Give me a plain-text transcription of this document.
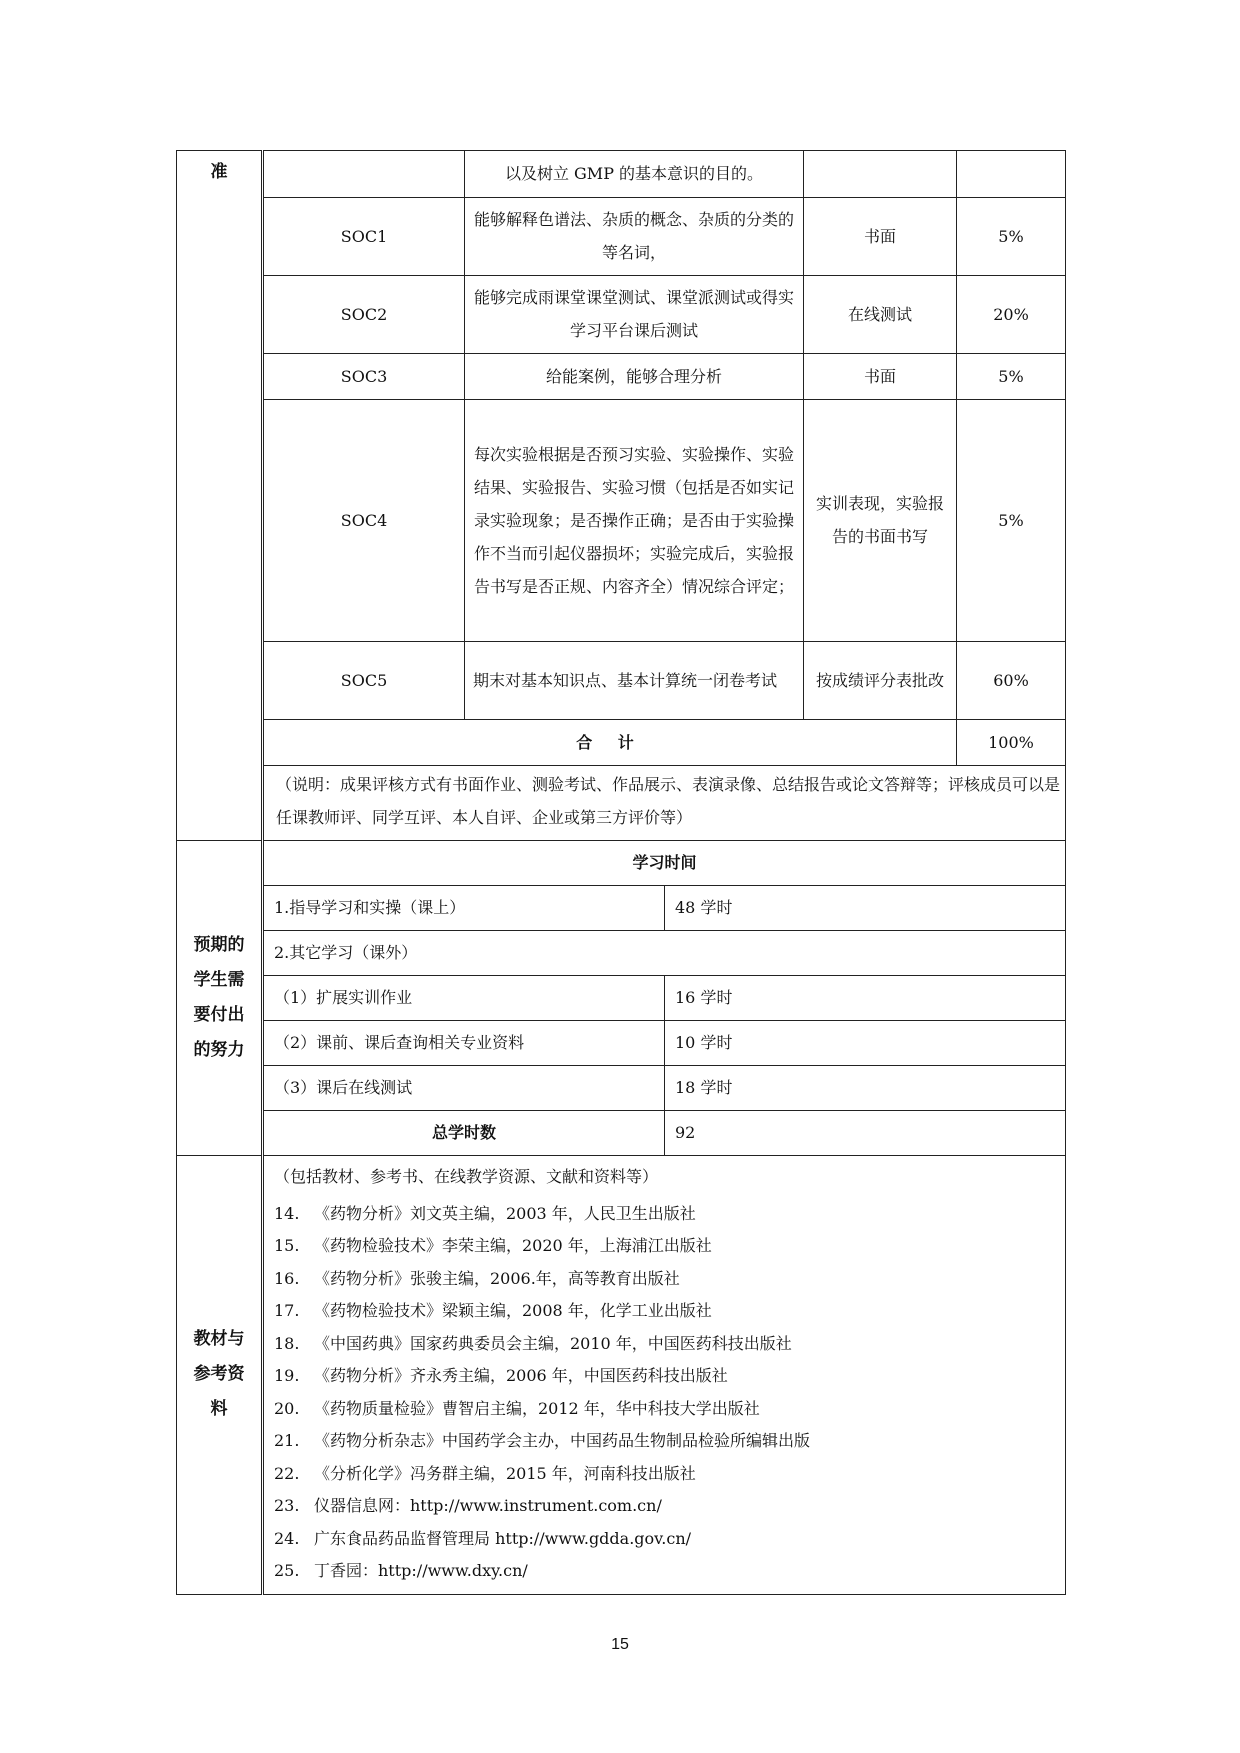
准	
		以及树立 GMP 的基本意识的目的。		
SOC1	能够解释色谱法、杂质的概念、杂质的分类的等名词，	书面	5%
SOC2	能够完成雨课堂课堂测试、课堂派测试或得实学习平台课后测试	在线测试	20%
SOC3	给能案例，能够合理分析	书面	5%
SOC4	每次实验根据是否预习实验、实验操作、实验结果、实验报告、实验习惯（包括是否如实记录实验现象；是否操作正确；是否由于实验操作不当而引起仪器损坏；实验完成后，实验报告书写是否正规、内容齐全）情况综合评定；	实训表现，实验报告的书面书写	5%
SOC5	期末对基本知识点、基本计算统一闭卷考试	按成绩评分表批改	60%
合 计	100%
（说明：成果评核方式有书面作业、测验考试、作品展示、表演录像、总结报告或论文答辩等；评核成员可以是任课教师评、同学互评、本人自评、企业或第三方评价等）

预期的学生需要付出的努力

学习时间
1.指导学习和实操（课上）	48 学时
2.其它学习（课外）
（1）扩展实训作业	16 学时
（2）课前、课后查询相关专业资料	10 学时
（3）课后在线测试	18 学时
总学时数	92

教材与参考资料

（包括教材、参考书、在线教学资源、文献和资料等）
14. 《药物分析》刘文英主编，2003 年，人民卫生出版社
15. 《药物检验技术》李荣主编，2020 年，上海浦江出版社
16. 《药物分析》张骏主编，2006.年，高等教育出版社
17. 《药物检验技术》梁颖主编，2008 年，化学工业出版社
18. 《中国药典》国家药典委员会主编，2010 年，中国医药科技出版社
19. 《药物分析》齐永秀主编，2006 年，中国医药科技出版社
20. 《药物质量检验》曹智启主编，2012 年，华中科技大学出版社
21. 《药物分析杂志》中国药学会主办，中国药品生物制品检验所编辑出版
22. 《分析化学》冯务群主编，2015 年，河南科技出版社
23. 仪器信息网：http://www.instrument.com.cn/
24. 广东食品药品监督管理局 http://www.gdda.gov.cn/
25. 丁香园：http://www.dxy.cn/
15
